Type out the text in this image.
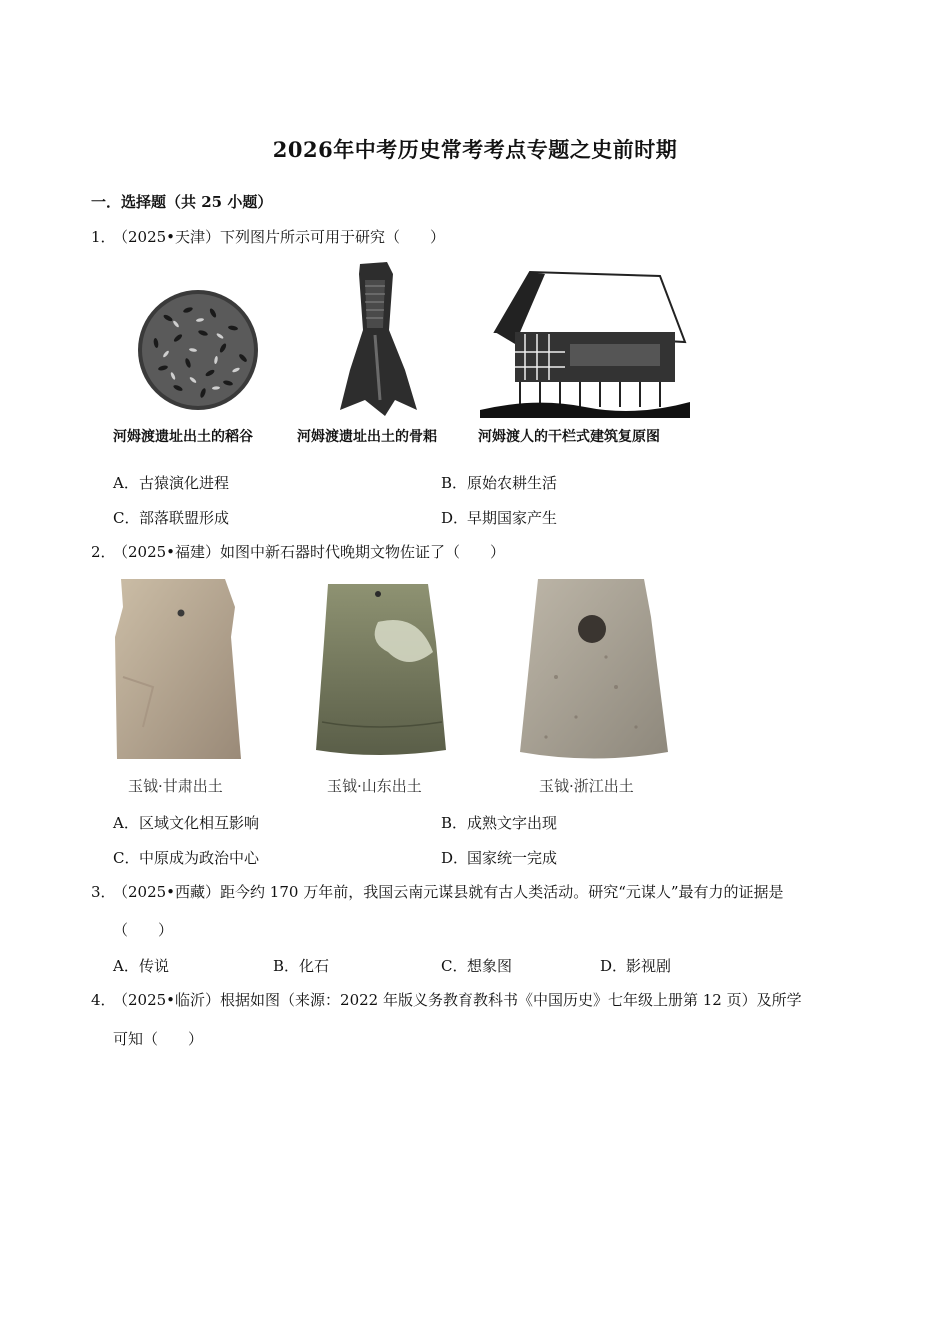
2026年中考历史常考考点专题之史前时期
一．选择题（共 25 小题）
1．（2025•天津）下列图片所示可用于研究（　　）
河姆渡遗址出土的稻谷	河姆渡遗址出土的骨耜	河姆渡人的干栏式建筑复原图
A．古猿演化进程	B．原始农耕生活
C．部落联盟形成	D．早期国家产生
2．（2025•福建）如图中新石器时代晚期文物佐证了（　　）
玉钺·甘肃出土	玉钺·山东出土	玉钺·浙江出土
A．区域文化相互影响	B．成熟文字出现
C．中原成为政治中心	D．国家统一完成
3．（2025•西藏）距今约 170 万年前，我国云南元谋县就有古人类活动。研究“元谋人”最有力的证据是
（　　）
A．传说	B．化石	C．想象图	D．影视剧
4．（2025•临沂）根据如图（来源：2022 年版义务教育教科书《中国历史》七年级上册第 12 页）及所学
可知（　　）
